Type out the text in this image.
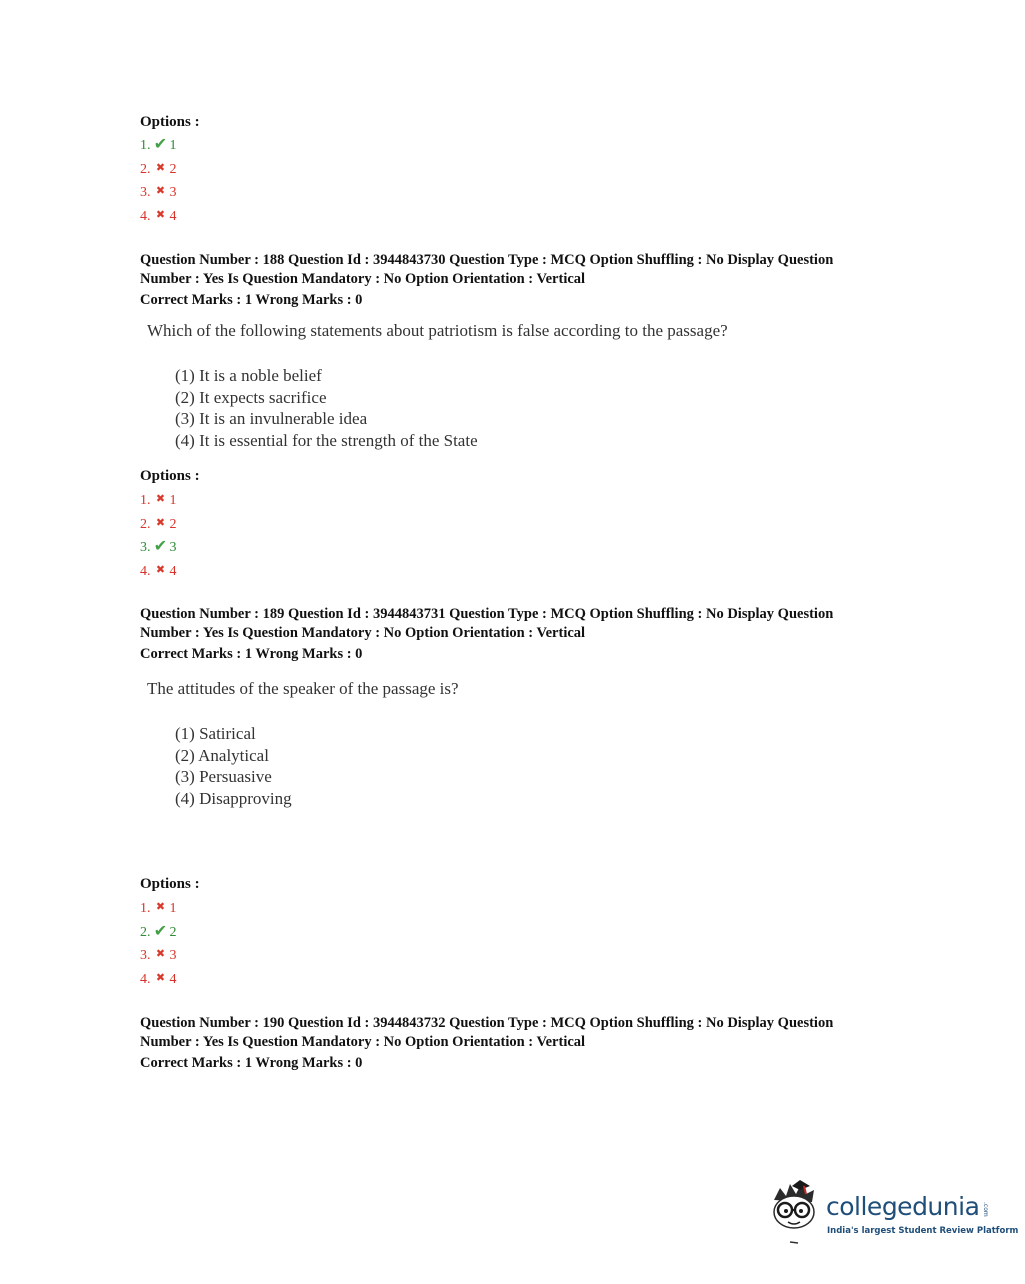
Options :
1. ✔ 1
2. ✖ 2
3. ✖ 3
4. ✖ 4
Question Number : 188 Question Id : 3944843730 Question Type : MCQ Option Shuffling : No Display Question
Number : Yes Is Question Mandatory : No Option Orientation : Vertical
Correct Marks : 1 Wrong Marks : 0
Which of the following statements about patriotism is false according to the passage?
(1) It is a noble belief
(2) It expects sacrifice
(3) It is an invulnerable idea
(4) It is essential for the strength of the State
Options :
1. ✖ 1
2. ✖ 2
3. ✔ 3
4. ✖ 4
Question Number : 189 Question Id : 3944843731 Question Type : MCQ Option Shuffling : No Display Question
Number : Yes Is Question Mandatory : No Option Orientation : Vertical
Correct Marks : 1 Wrong Marks : 0
The attitudes of the speaker of the passage is?
(1) Satirical
(2) Analytical
(3) Persuasive
(4) Disapproving
Options :
1. ✖ 1
2. ✔ 2
3. ✖ 3
4. ✖ 4
Question Number : 190 Question Id : 3944843732 Question Type : MCQ Option Shuffling : No Display Question
Number : Yes Is Question Mandatory : No Option Orientation : Vertical
Correct Marks : 1 Wrong Marks : 0
collegedunia .com
India's largest Student Review Platform
